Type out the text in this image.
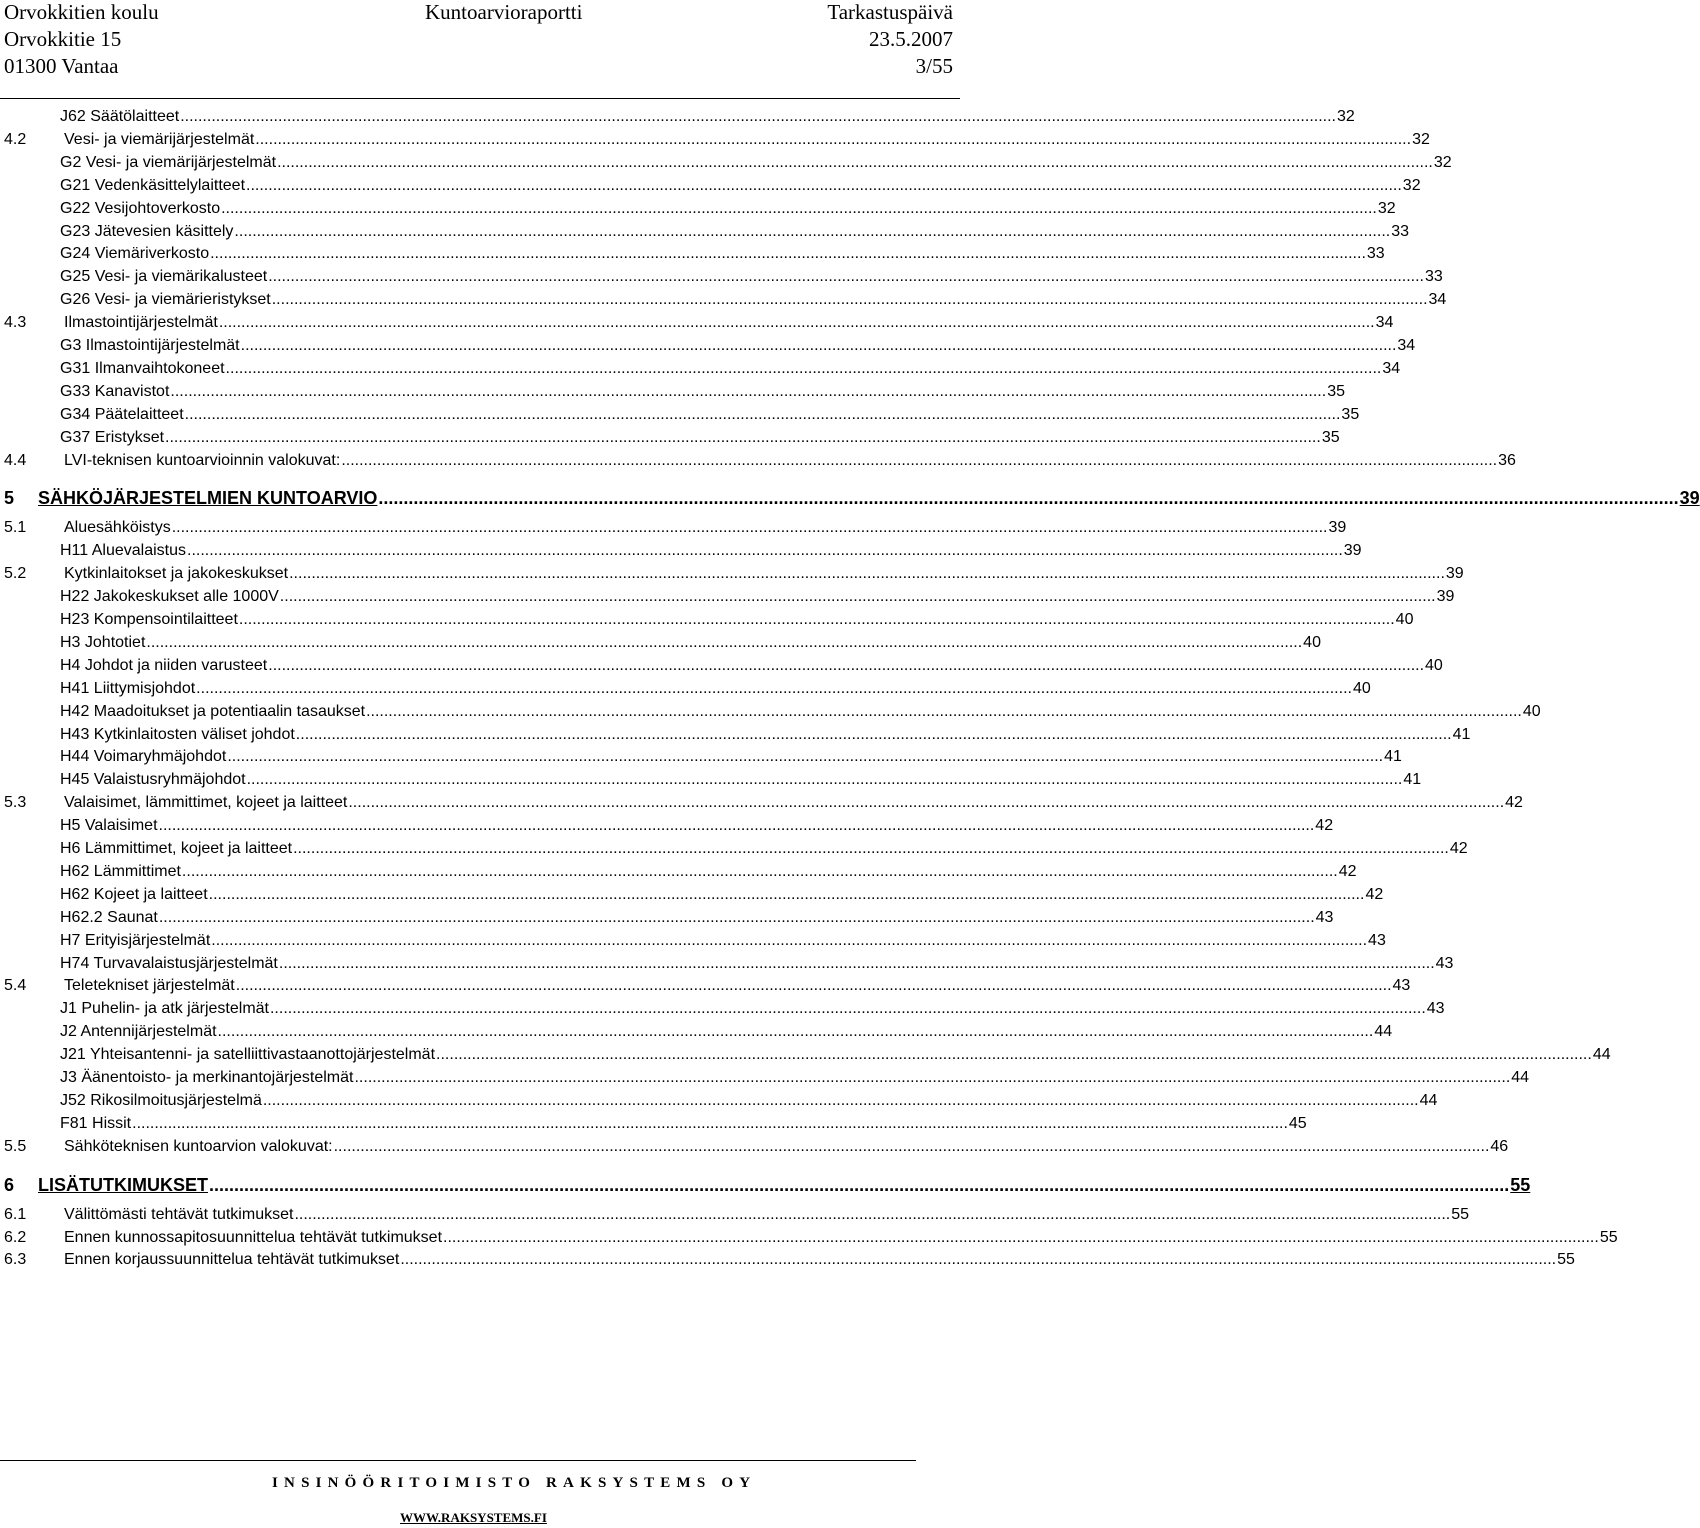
Orvokkitien koulu
Orvokkitie 15
01300 Vantaa
Kuntoarvioraportti	Tarkastuspäivä
23.5.2007
3/55
J62 Säätölaitteet .................................................................................................................................................................................................................................................................... 32
4.2 Vesi- ja viemärijärjestelmät .................................................................................................................................................................................................................................................................... 32
G2 Vesi- ja viemärijärjestelmät .................................................................................................................................................................................................................................................................... 32
G21 Vedenkäsittelylaitteet .................................................................................................................................................................................................................................................................... 32
G22 Vesijohtoverkosto .................................................................................................................................................................................................................................................................... 32
G23 Jätevesien käsittely .................................................................................................................................................................................................................................................................... 33
G24 Viemäriverkosto .................................................................................................................................................................................................................................................................... 33
G25 Vesi- ja viemärikalusteet .................................................................................................................................................................................................................................................................... 33
G26 Vesi- ja viemärieristykset .................................................................................................................................................................................................................................................................... 34
4.3 Ilmastointijärjestelmät .................................................................................................................................................................................................................................................................... 34
G3 Ilmastointijärjestelmät .................................................................................................................................................................................................................................................................... 34
G31 Ilmanvaihtokoneet .................................................................................................................................................................................................................................................................... 34
G33 Kanavistot .................................................................................................................................................................................................................................................................... 35
G34 Päätelaitteet .................................................................................................................................................................................................................................................................... 35
G37 Eristykset .................................................................................................................................................................................................................................................................... 35
4.4 LVI-teknisen kuntoarvioinnin valokuvat: .................................................................................................................................................................................................................................................................... 36
5 SÄHKÖJÄRJESTELMIEN KUNTOARVIO .................................................................................................................................................................................................................................................................... 39
5.1 Aluesähköistys .................................................................................................................................................................................................................................................................... 39
H11 Aluevalaistus .................................................................................................................................................................................................................................................................... 39
5.2 Kytkinlaitokset ja jakokeskukset .................................................................................................................................................................................................................................................................... 39
H22 Jakokeskukset alle 1000V .................................................................................................................................................................................................................................................................... 39
H23 Kompensointilaitteet .................................................................................................................................................................................................................................................................... 40
H3 Johtotiet .................................................................................................................................................................................................................................................................... 40
H4 Johdot ja niiden varusteet .................................................................................................................................................................................................................................................................... 40
H41 Liittymisjohdot .................................................................................................................................................................................................................................................................... 40
H42 Maadoitukset ja potentiaalin tasaukset .................................................................................................................................................................................................................................................................... 40
H43 Kytkinlaitosten väliset johdot .................................................................................................................................................................................................................................................................... 41
H44 Voimaryhmäjohdot .................................................................................................................................................................................................................................................................... 41
H45 Valaistusryhmäjohdot .................................................................................................................................................................................................................................................................... 41
5.3 Valaisimet, lämmittimet, kojeet ja laitteet .................................................................................................................................................................................................................................................................... 42
H5 Valaisimet .................................................................................................................................................................................................................................................................... 42
H6 Lämmittimet, kojeet ja laitteet .................................................................................................................................................................................................................................................................... 42
H62 Lämmittimet .................................................................................................................................................................................................................................................................... 42
H62 Kojeet ja laitteet .................................................................................................................................................................................................................................................................... 42
H62.2 Saunat .................................................................................................................................................................................................................................................................... 43
H7 Erityisjärjestelmät .................................................................................................................................................................................................................................................................... 43
H74 Turvavalaistusjärjestelmät .................................................................................................................................................................................................................................................................... 43
5.4 Teletekniset järjestelmät .................................................................................................................................................................................................................................................................... 43
J1 Puhelin- ja atk järjestelmät .................................................................................................................................................................................................................................................................... 43
J2 Antennijärjestelmät .................................................................................................................................................................................................................................................................... 44
J21 Yhteisantenni- ja satelliittivastaanottojärjestelmät .................................................................................................................................................................................................................................................................... 44
J3 Äänentoisto- ja merkinantojärjestelmät .................................................................................................................................................................................................................................................................... 44
J52 Rikosilmoitusjärjestelmä .................................................................................................................................................................................................................................................................... 44
F81 Hissit .................................................................................................................................................................................................................................................................... 45
5.5 Sähköteknisen kuntoarvion valokuvat: .................................................................................................................................................................................................................................................................... 46
6 LISÄTUTKIMUKSET .................................................................................................................................................................................................................................................................... 55
6.1 Välittömästi tehtävät tutkimukset .................................................................................................................................................................................................................................................................... 55
6.2 Ennen kunnossapitosuunnittelua tehtävät tutkimukset .................................................................................................................................................................................................................................................................... 55
6.3 Ennen korjaussuunnittelua tehtävät tutkimukset .................................................................................................................................................................................................................................................................... 55
INSINÖÖRITOIMISTO RAKSYSTEMS OY
WWW.RAKSYSTEMS.FI
